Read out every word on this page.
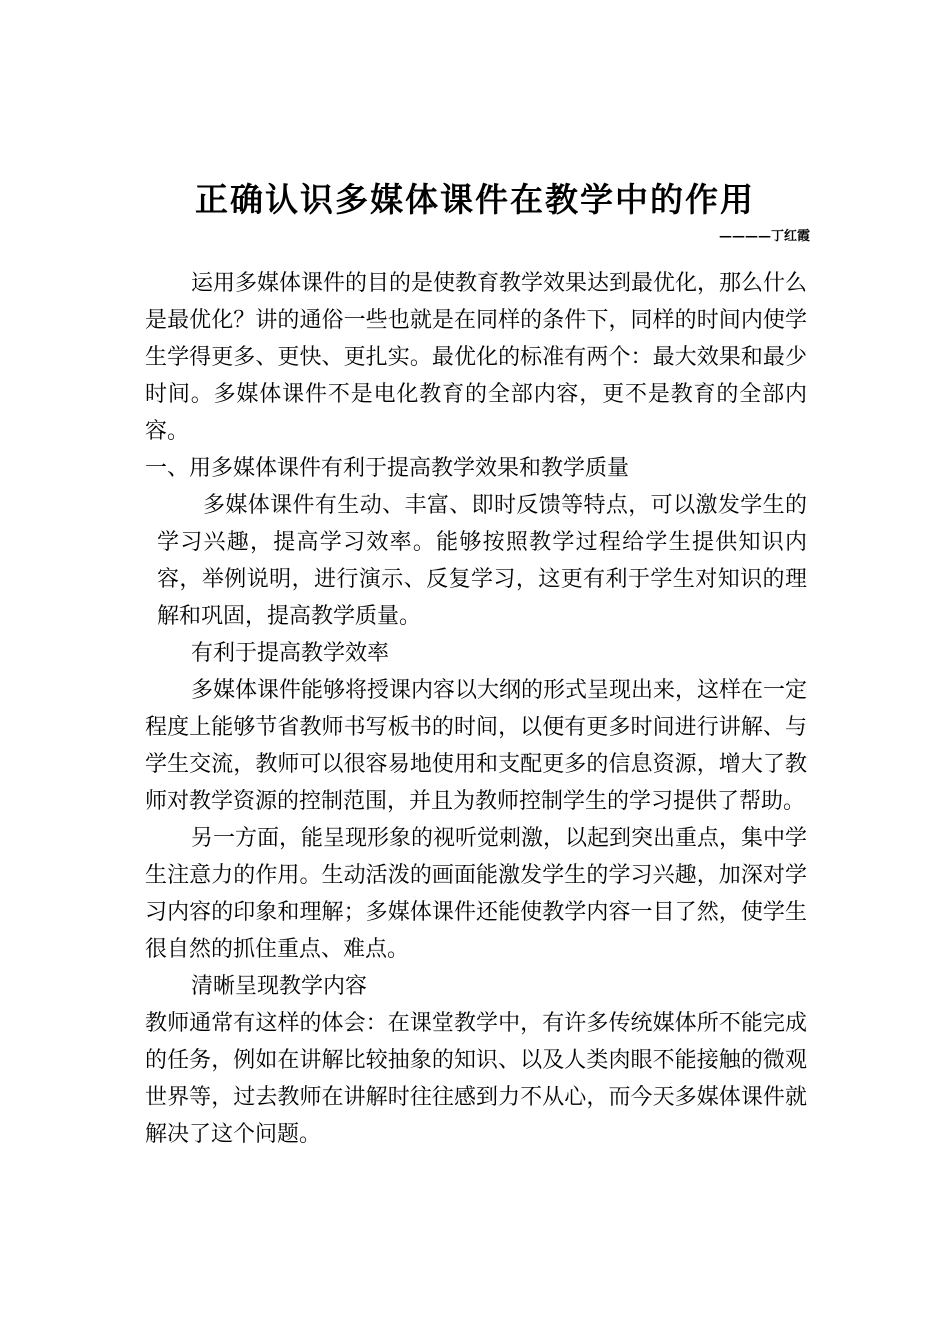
正确认识多媒体课件在教学中的作用
————丁红霞

运用多媒体课件的目的是使教育教学效果达到最优化，那么什么是最优化？讲的通俗一些也就是在同样的条件下，同样的时间内使学生学得更多、更快、更扎实。最优化的标准有两个：最大效果和最少时间。多媒体课件不是电化教育的全部内容，更不是教育的全部内容。

一、用多媒体课件有利于提高教学效果和教学质量

多媒体课件有生动、丰富、即时反馈等特点，可以激发学生的学习兴趣，提高学习效率。能够按照教学过程给学生提供知识内容，举例说明，进行演示、反复学习，这更有利于学生对知识的理解和巩固，提高教学质量。

有利于提高教学效率

多媒体课件能够将授课内容以大纲的形式呈现出来，这样在一定程度上能够节省教师书写板书的时间，以便有更多时间进行讲解、与学生交流，教师可以很容易地使用和支配更多的信息资源，增大了教师对教学资源的控制范围，并且为教师控制学生的学习提供了帮助。

另一方面，能呈现形象的视听觉刺激，以起到突出重点，集中学生注意力的作用。生动活泼的画面能激发学生的学习兴趣，加深对学习内容的印象和理解；多媒体课件还能使教学内容一目了然，使学生很自然的抓住重点、难点。

清晰呈现教学内容

教师通常有这样的体会：在课堂教学中，有许多传统媒体所不能完成的任务，例如在讲解比较抽象的知识、以及人类肉眼不能接触的微观世界等，过去教师在讲解时往往感到力不从心，而今天多媒体课件就解决了这个问题。
